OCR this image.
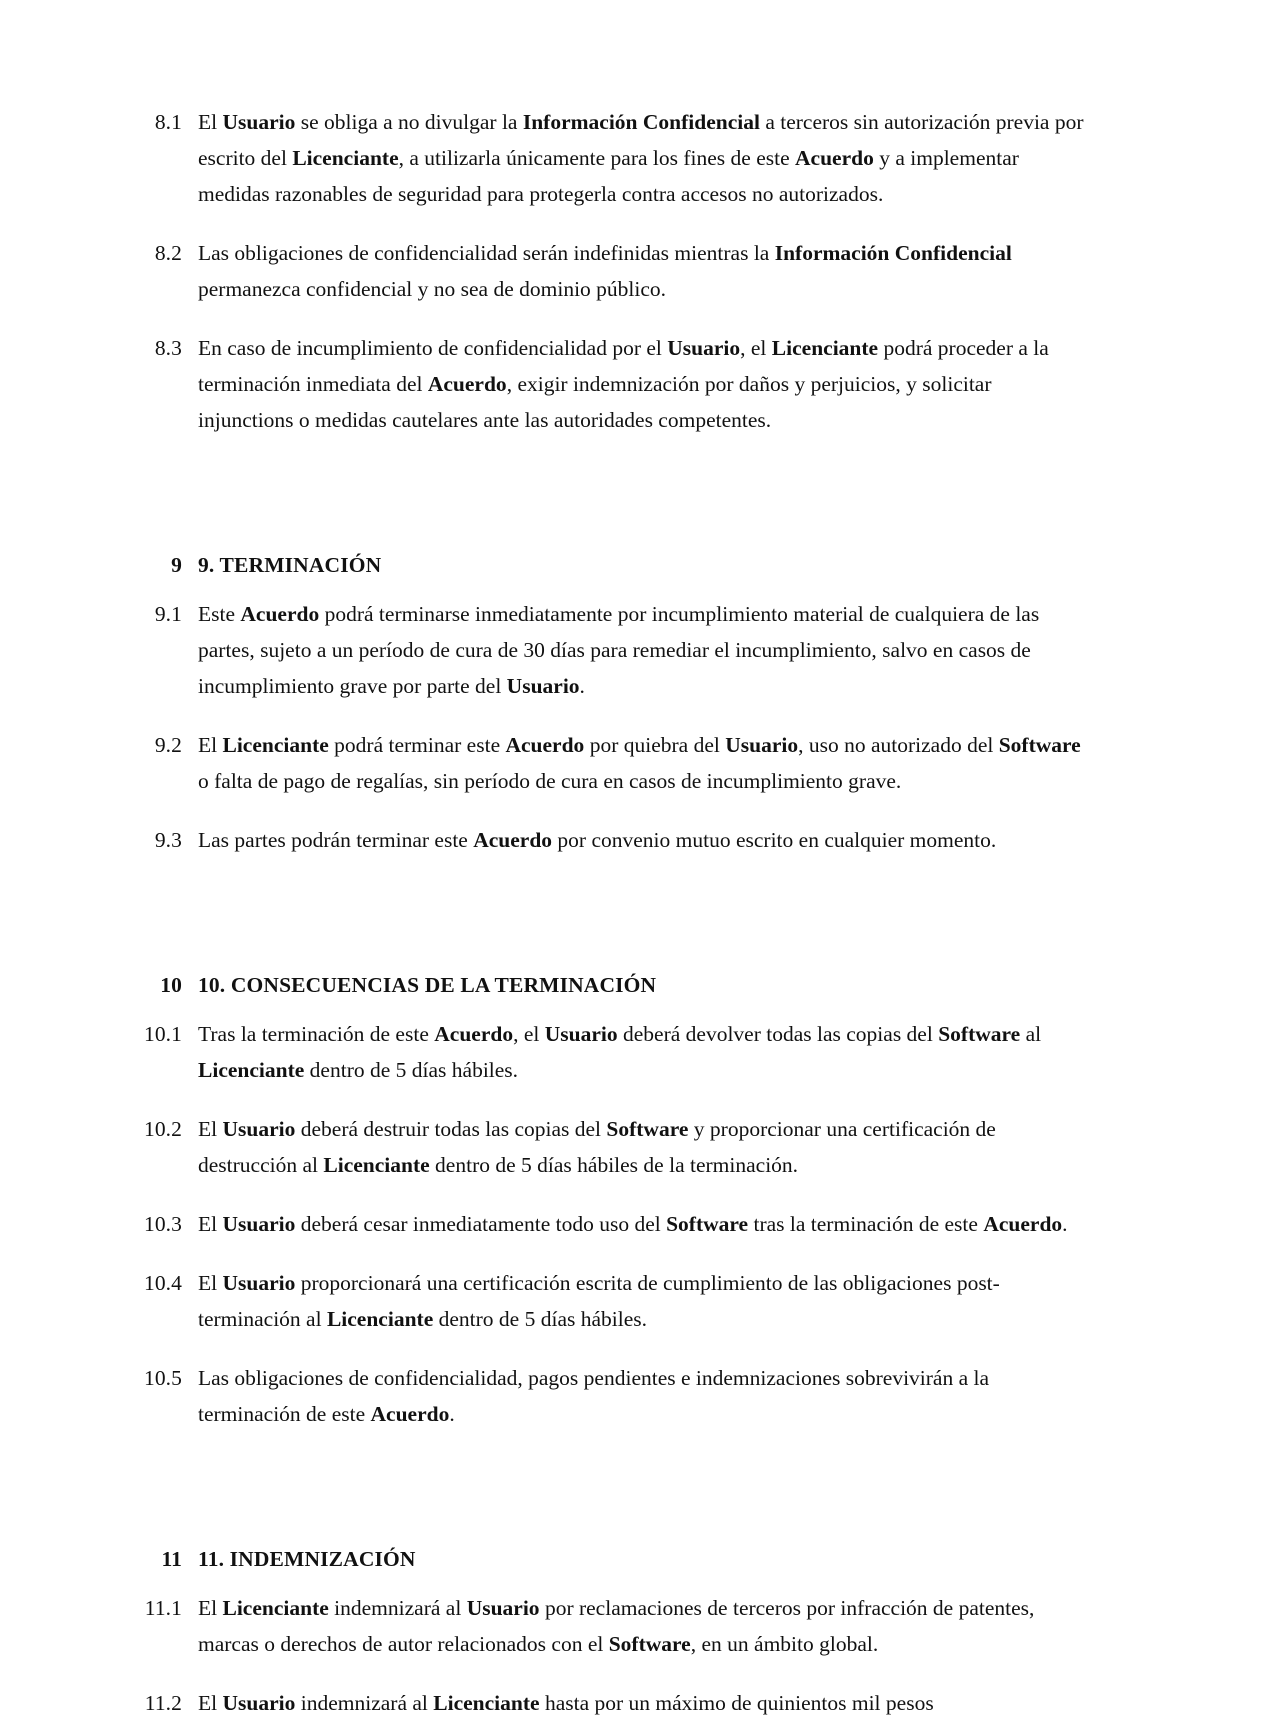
8.1 El Usuario se obliga a no divulgar la Información Confidencial a terceros sin autorización previa por escrito del Licenciante, a utilizarla únicamente para los fines de este Acuerdo y a implementar medidas razonables de seguridad para protegerla contra accesos no autorizados.
8.2 Las obligaciones de confidencialidad serán indefinidas mientras la Información Confidencial permanezca confidencial y no sea de dominio público.
8.3 En caso de incumplimiento de confidencialidad por el Usuario, el Licenciante podrá proceder a la terminación inmediata del Acuerdo, exigir indemnización por daños y perjuicios, y solicitar injunctions o medidas cautelares ante las autoridades competentes.
9 9. TERMINACIÓN
9.1 Este Acuerdo podrá terminarse inmediatamente por incumplimiento material de cualquiera de las partes, sujeto a un período de cura de 30 días para remediar el incumplimiento, salvo en casos de incumplimiento grave por parte del Usuario.
9.2 El Licenciante podrá terminar este Acuerdo por quiebra del Usuario, uso no autorizado del Software o falta de pago de regalías, sin período de cura en casos de incumplimiento grave.
9.3 Las partes podrán terminar este Acuerdo por convenio mutuo escrito en cualquier momento.
10 10. CONSECUENCIAS DE LA TERMINACIÓN
10.1 Tras la terminación de este Acuerdo, el Usuario deberá devolver todas las copias del Software al Licenciante dentro de 5 días hábiles.
10.2 El Usuario deberá destruir todas las copias del Software y proporcionar una certificación de destrucción al Licenciante dentro de 5 días hábiles de la terminación.
10.3 El Usuario deberá cesar inmediatamente todo uso del Software tras la terminación de este Acuerdo.
10.4 El Usuario proporcionará una certificación escrita de cumplimiento de las obligaciones post-terminación al Licenciante dentro de 5 días hábiles.
10.5 Las obligaciones de confidencialidad, pagos pendientes e indemnizaciones sobrevivirán a la terminación de este Acuerdo.
11 11. INDEMNIZACIÓN
11.1 El Licenciante indemnizará al Usuario por reclamaciones de terceros por infracción de patentes, marcas o derechos de autor relacionados con el Software, en un ámbito global.
11.2 El Usuario indemnizará al Licenciante hasta por un máximo de quinientos mil pesos
